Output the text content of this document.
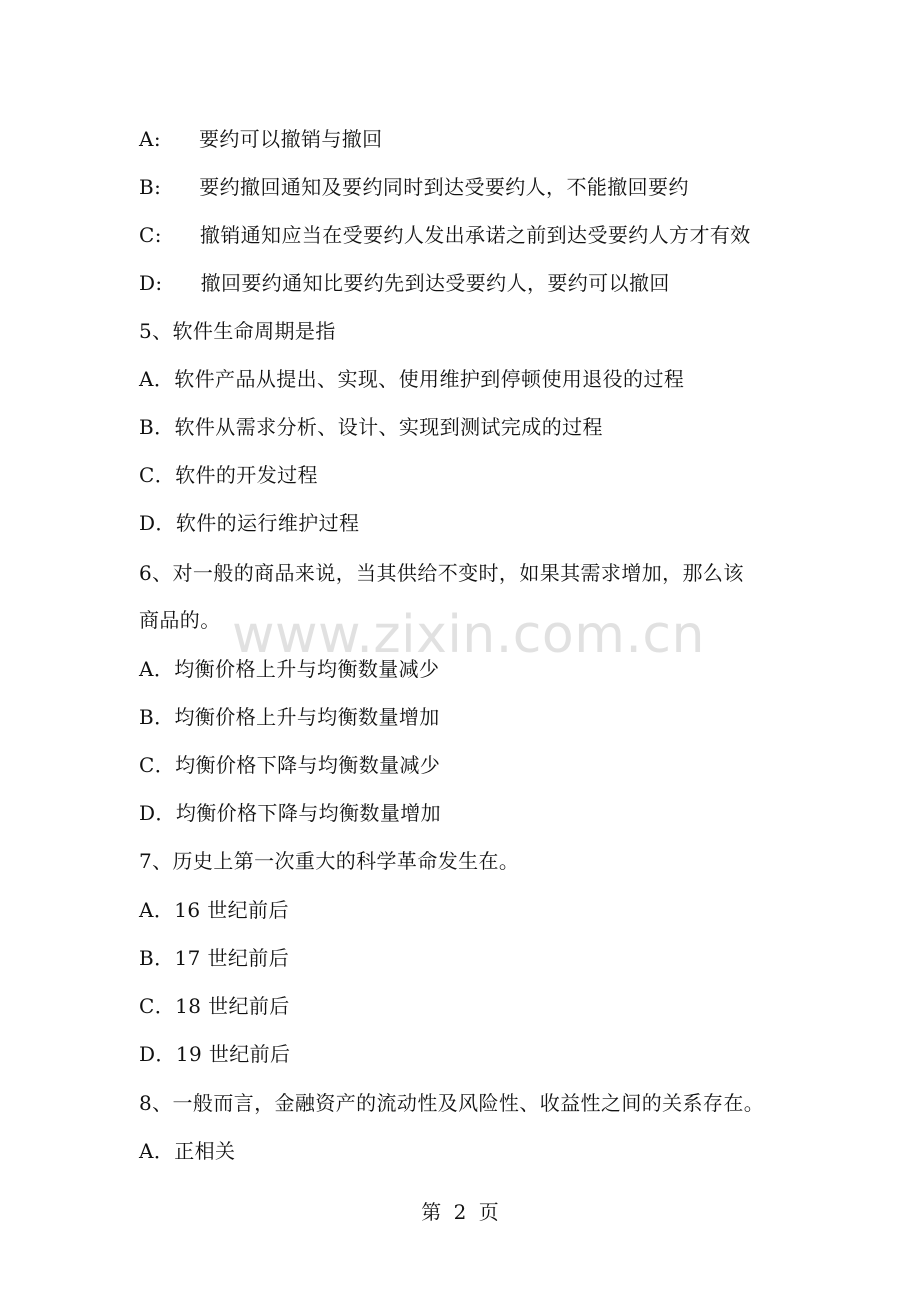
A: 要约可以撤销与撤回
B: 要约撤回通知及要约同时到达受要约人，不能撤回要约
C: 撤销通知应当在受要约人发出承诺之前到达受要约人方才有效
D: 撤回要约通知比要约先到达受要约人，要约可以撤回
5、软件生命周期是指
A．软件产品从提出、实现、使用维护到停顿使用退役的过程
B．软件从需求分析、设计、实现到测试完成的过程
C．软件的开发过程
D．软件的运行维护过程
6、对一般的商品来说，当其供给不变时，如果其需求增加，那么该
商品的。
A．均衡价格上升与均衡数量减少
B．均衡价格上升与均衡数量增加
C．均衡价格下降与均衡数量减少
D．均衡价格下降与均衡数量增加
7、历史上第一次重大的科学革命发生在。
A．16 世纪前后
B．17 世纪前后
C．18 世纪前后
D．19 世纪前后
8、一般而言，金融资产的流动性及风险性、收益性之间的关系存在。
A．正相关
www.zixin.com.cn
第 2 页
